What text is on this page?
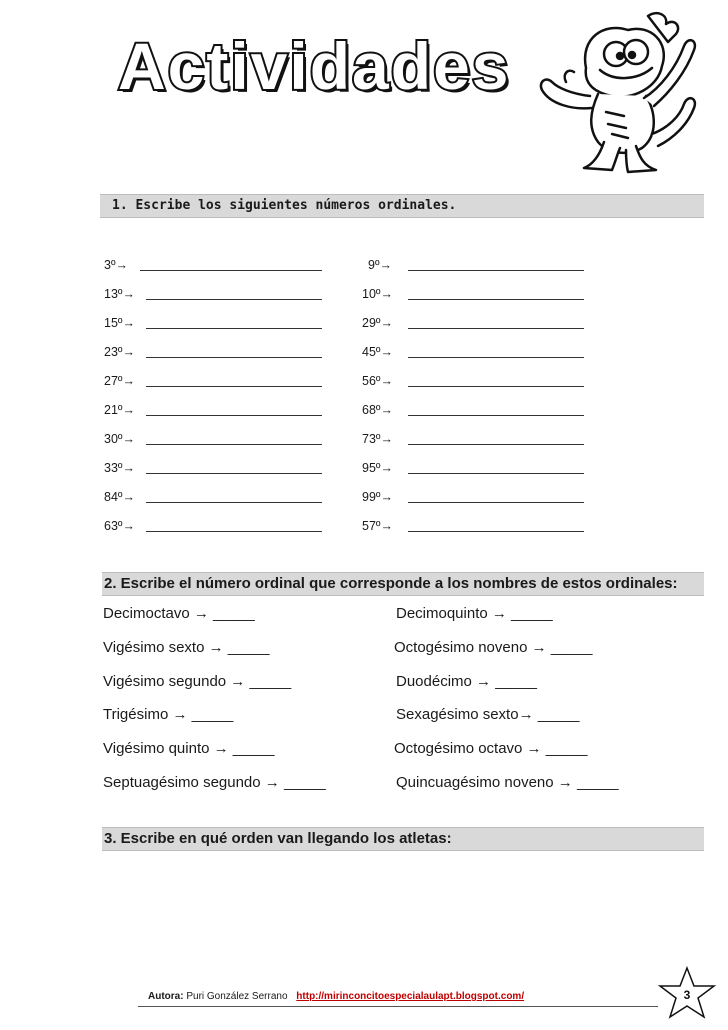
Actividades
1. Escribe los siguientes números ordinales.
3º→	9º→
13º→	10º→
15º→	29º→
23º→	45º→
27º→	56º→
21º→	68º→
30º→	73º→
33º→	95º→
84º→	99º→
63º→	57º→
2. Escribe el número ordinal que corresponde a los nombres de estos ordinales:
Decimoctavo → _____	Decimoquinto → _____
Vigésimo sexto → _____	Octogésimo noveno → _____
Vigésimo segundo → _____	Duodécimo → _____
Trigésimo → _____	Sexagésimo sexto→ _____
Vigésimo quinto → _____	Octogésimo octavo → _____
Septuagésimo segundo → _____	Quincuagésimo noveno → _____
3. Escribe en qué orden van llegando los atletas:
Autora: Puri González Serrano http://mirinconcitoespecialaulapt.blogspot.com/	3
